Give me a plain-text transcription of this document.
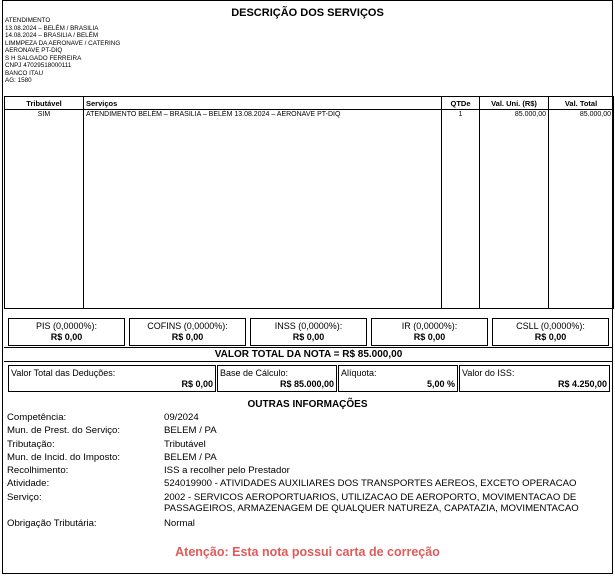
DESCRIÇÃO DOS SERVIÇOS
ATENDIMENTO
13.08.2024 – BELÉM / BRASILIA
14.08.2024 – BRASILIA / BELÉM
LIMMPEZA DA AERONAVE / CATERING
AERONAVE PT-DIQ
S H SALGADO FERREIRA
CNPJ 47029518000111
BANCO ITAU
AG: 1580
Tributável	Serviços	QTDe	Val. Uni. (R$)	Val. Total
SIM	ATENDIMENTO BELÉM – BRASILIA – BELÉM 13.08.2024 – AERONAVE PT-DIQ	1	85.000,00	85.000,00
PIS (0,0000%):
R$ 0,00
COFINS (0,0000%):
R$ 0,00
INSS (0,0000%):
R$ 0,00
IR (0,0000%):
R$ 0,00
CSLL (0,0000%):
R$ 0,00
VALOR TOTAL DA NOTA = R$ 85.000,00
Valor Total das Deduções:
R$ 0,00
Base de Cálculo:
R$ 85.000,00
Alíquota:
5,00 %
Valor do ISS:
R$ 4.250,00
OUTRAS INFORMAÇÕES
Competência:	09/2024
Mun. de Prest. do Serviço:	BELEM / PA
Tributação:	Tributável
Mun. de Incid. do Imposto:	BELEM / PA
Recolhimento:	ISS a recolher pelo Prestador
Atividade:	524019900 - ATIVIDADES AUXILIARES DOS TRANSPORTES AEREOS, EXCETO OPERACAO
Serviço:	2002 - SERVICOS AEROPORTUARIOS, UTILIZACAO DE AEROPORTO, MOVIMENTACAO DE PASSAGEIROS, ARMAZENAGEM DE QUALQUER NATUREZA, CAPATAZIA, MOVIMENTACAO
Obrigação Tributária:	Normal
Atenção: Esta nota possui carta de correção
